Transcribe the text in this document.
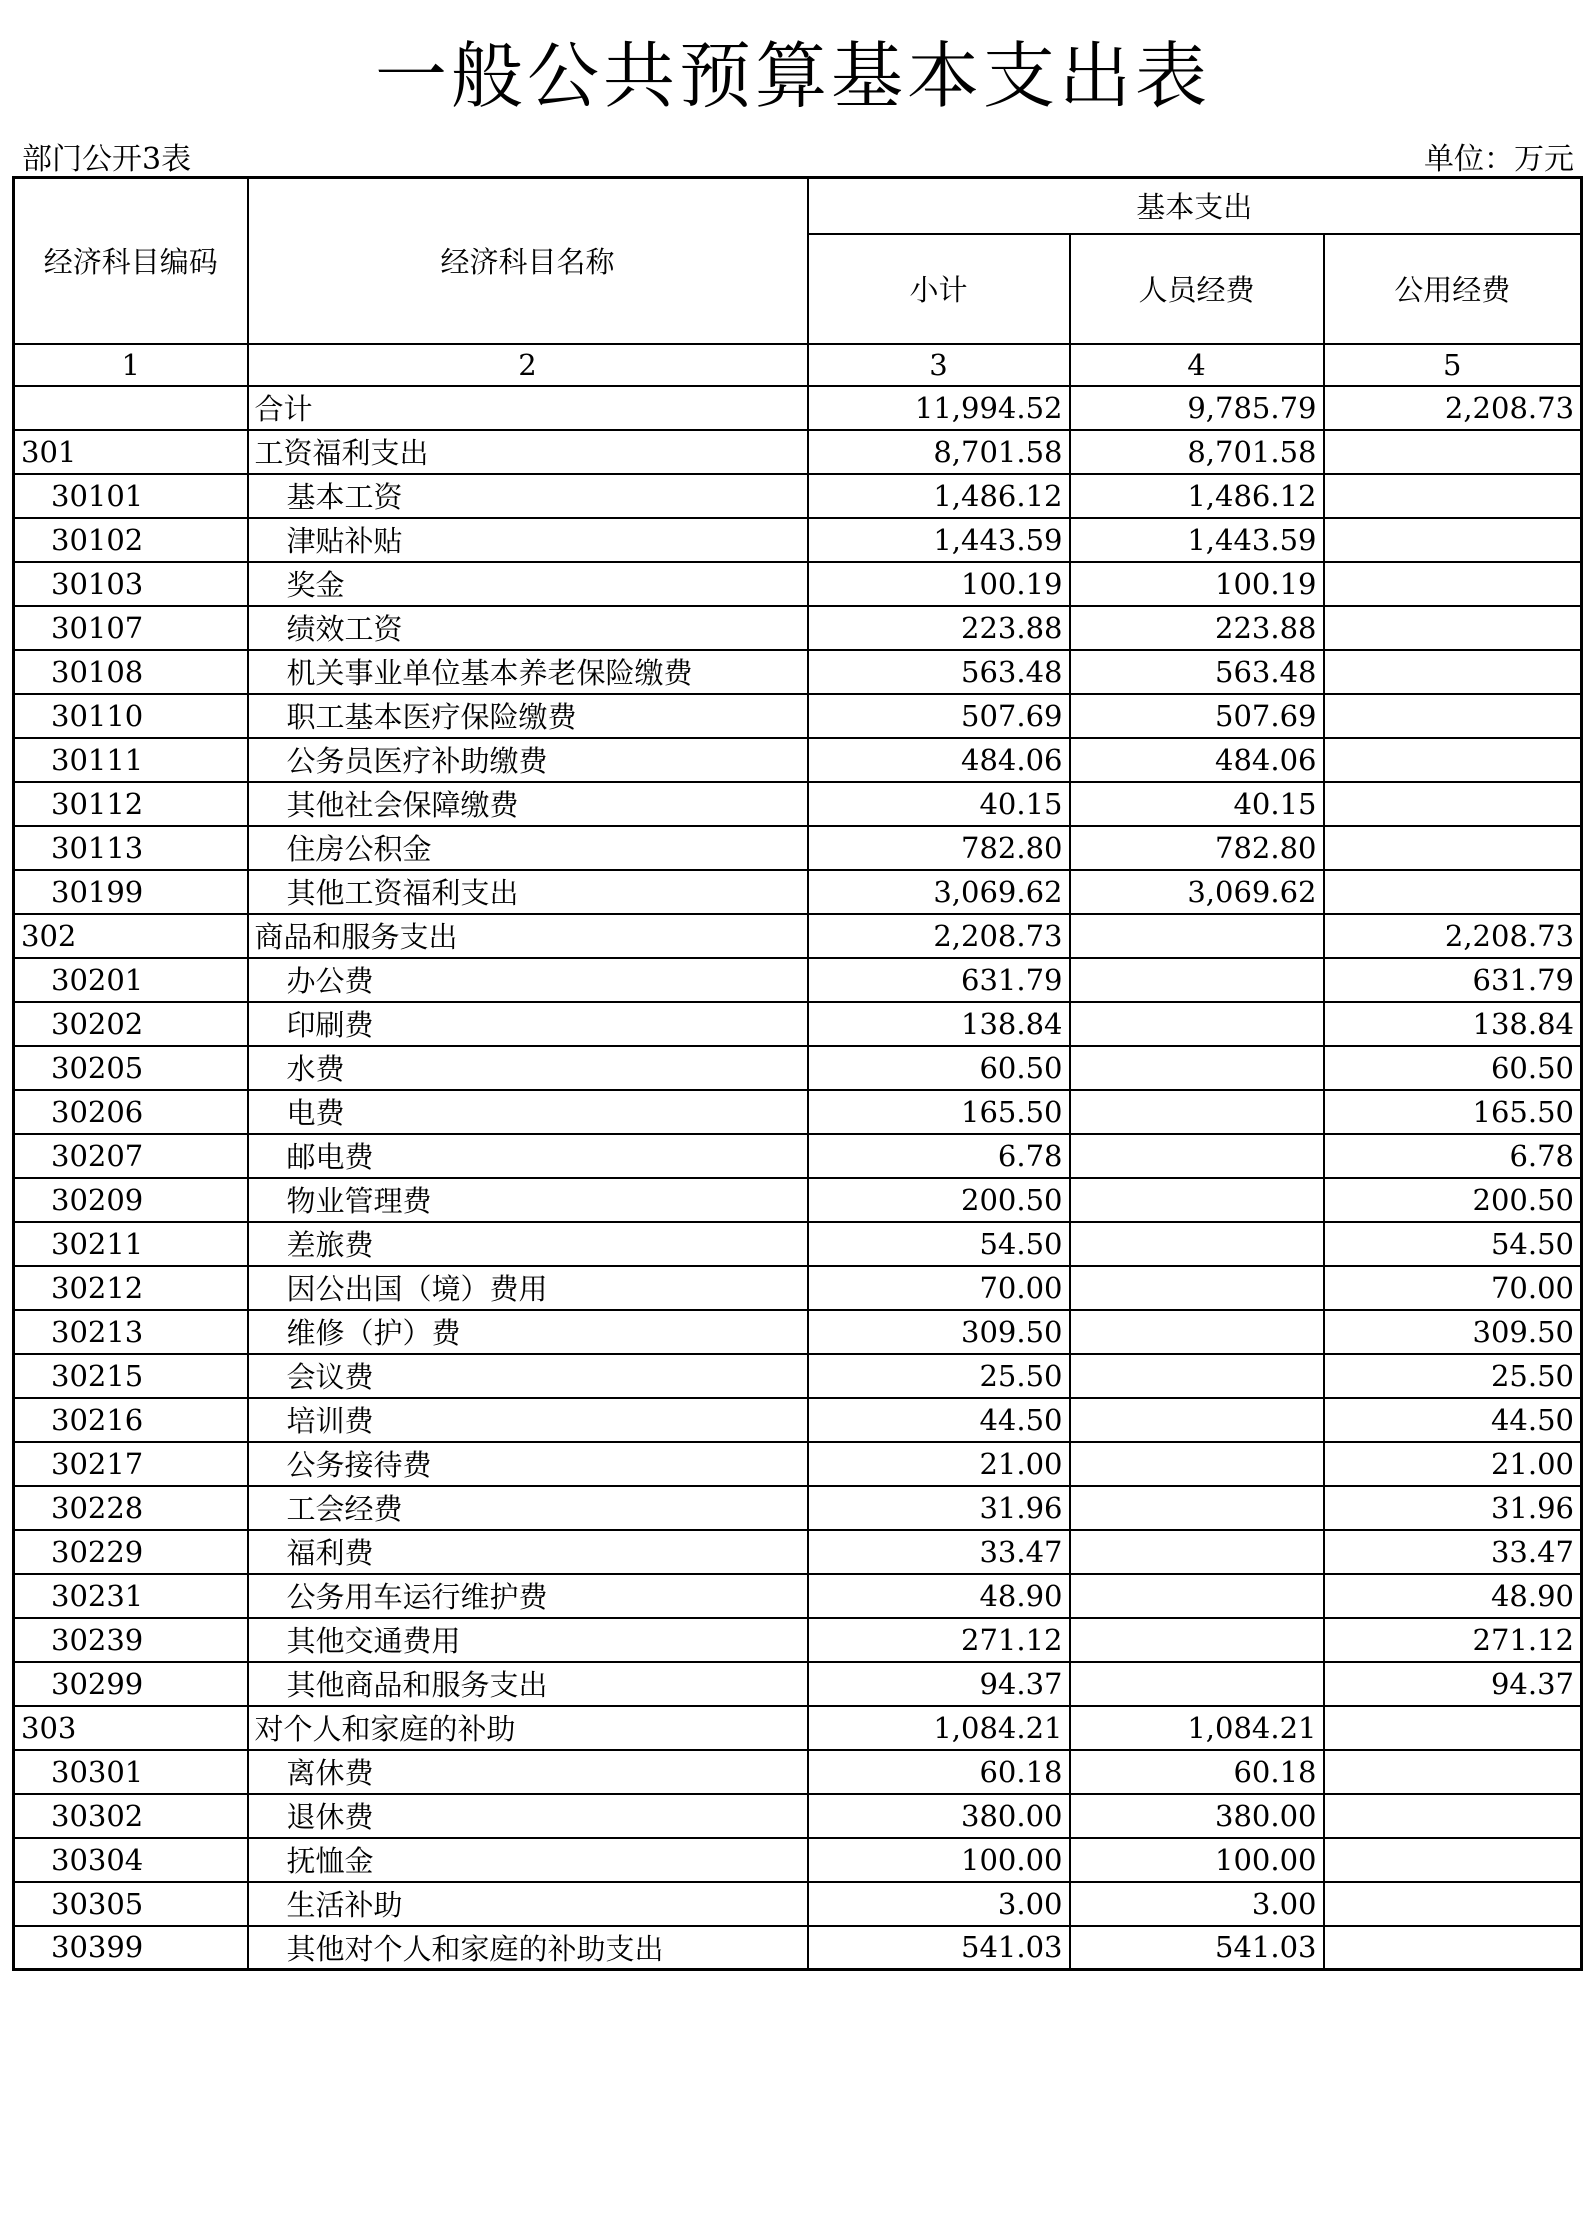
一般公共预算基本支出表
部门公开3表	单位：万元
经济科目编码	经济科目名称	基本支出		
		小计	人员经费	公用经费
1	2	3	4	5
	合计	11,994.52	9,785.79	2,208.73
301	工资福利支出	8,701.58	8,701.58	
30101	基本工资	1,486.12	1,486.12	
30102	津贴补贴	1,443.59	1,443.59	
30103	奖金	100.19	100.19	
30107	绩效工资	223.88	223.88	
30108	机关事业单位基本养老保险缴费	563.48	563.48	
30110	职工基本医疗保险缴费	507.69	507.69	
30111	公务员医疗补助缴费	484.06	484.06	
30112	其他社会保障缴费	40.15	40.15	
30113	住房公积金	782.80	782.80	
30199	其他工资福利支出	3,069.62	3,069.62	
302	商品和服务支出	2,208.73		2,208.73
30201	办公费	631.79		631.79
30202	印刷费	138.84		138.84
30205	水费	60.50		60.50
30206	电费	165.50		165.50
30207	邮电费	6.78		6.78
30209	物业管理费	200.50		200.50
30211	差旅费	54.50		54.50
30212	因公出国（境）费用	70.00		70.00
30213	维修（护）费	309.50		309.50
30215	会议费	25.50		25.50
30216	培训费	44.50		44.50
30217	公务接待费	21.00		21.00
30228	工会经费	31.96		31.96
30229	福利费	33.47		33.47
30231	公务用车运行维护费	48.90		48.90
30239	其他交通费用	271.12		271.12
30299	其他商品和服务支出	94.37		94.37
303	对个人和家庭的补助	1,084.21	1,084.21	
30301	离休费	60.18	60.18	
30302	退休费	380.00	380.00	
30304	抚恤金	100.00	100.00	
30305	生活补助	3.00	3.00	
30399	其他对个人和家庭的补助支出	541.03	541.03	
